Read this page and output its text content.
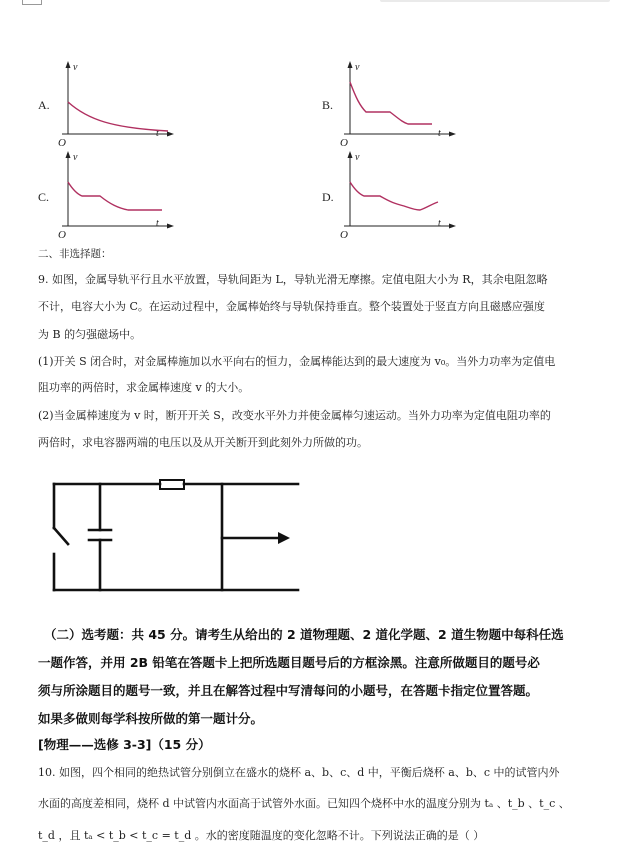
A.
v
t
O
B.
v
t
O
C.
v
t
O
D.
v
t
O
二、非选择题：
9. 如图，金属导轨平行且水平放置，导轨间距为 L，导轨光滑无摩擦。定值电阻大小为 R，其余电阻忽略
不计，电容大小为 C。在运动过程中，金属棒始终与导轨保持垂直。整个装置处于竖直方向且磁感应强度
为 B 的匀强磁场中。
(1)开关 S 闭合时，对金属棒施加以水平向右的恒力，金属棒能达到的最大速度为 v₀。当外力功率为定值电
阻功率的两倍时，求金属棒速度 v 的大小。
(2)当金属棒速度为 v 时，断开开关 S，改变水平外力并使金属棒匀速运动。当外力功率为定值电阻功率的
两倍时，求电容器两端的电压以及从开关断开到此刻外力所做的功。
（二）选考题：共 45 分。请考生从给出的 2 道物理题、2 道化学题、2 道生物题中每科任选
一题作答，并用 2B 铅笔在答题卡上把所选题目题号后的方框涂黑。注意所做题目的题号必
须与所涂题目的题号一致，并且在解答过程中写清每问的小题号，在答题卡指定位置答题。
如果多做则每学科按所做的第一题计分。
[物理——选修 3-3]（15 分）
10. 如图，四个相同的绝热试管分别倒立在盛水的烧杯 a、b、c、d 中，平衡后烧杯 a、b、c 中的试管内外
水面的高度差相同，烧杯 d 中试管内水面高于试管外水面。已知四个烧杯中水的温度分别为 tₐ 、t_b 、t_c 、
t_d ，且 tₐ < t_b < t_c = t_d 。水的密度随温度的变化忽略不计。下列说法正确的是（ ）
